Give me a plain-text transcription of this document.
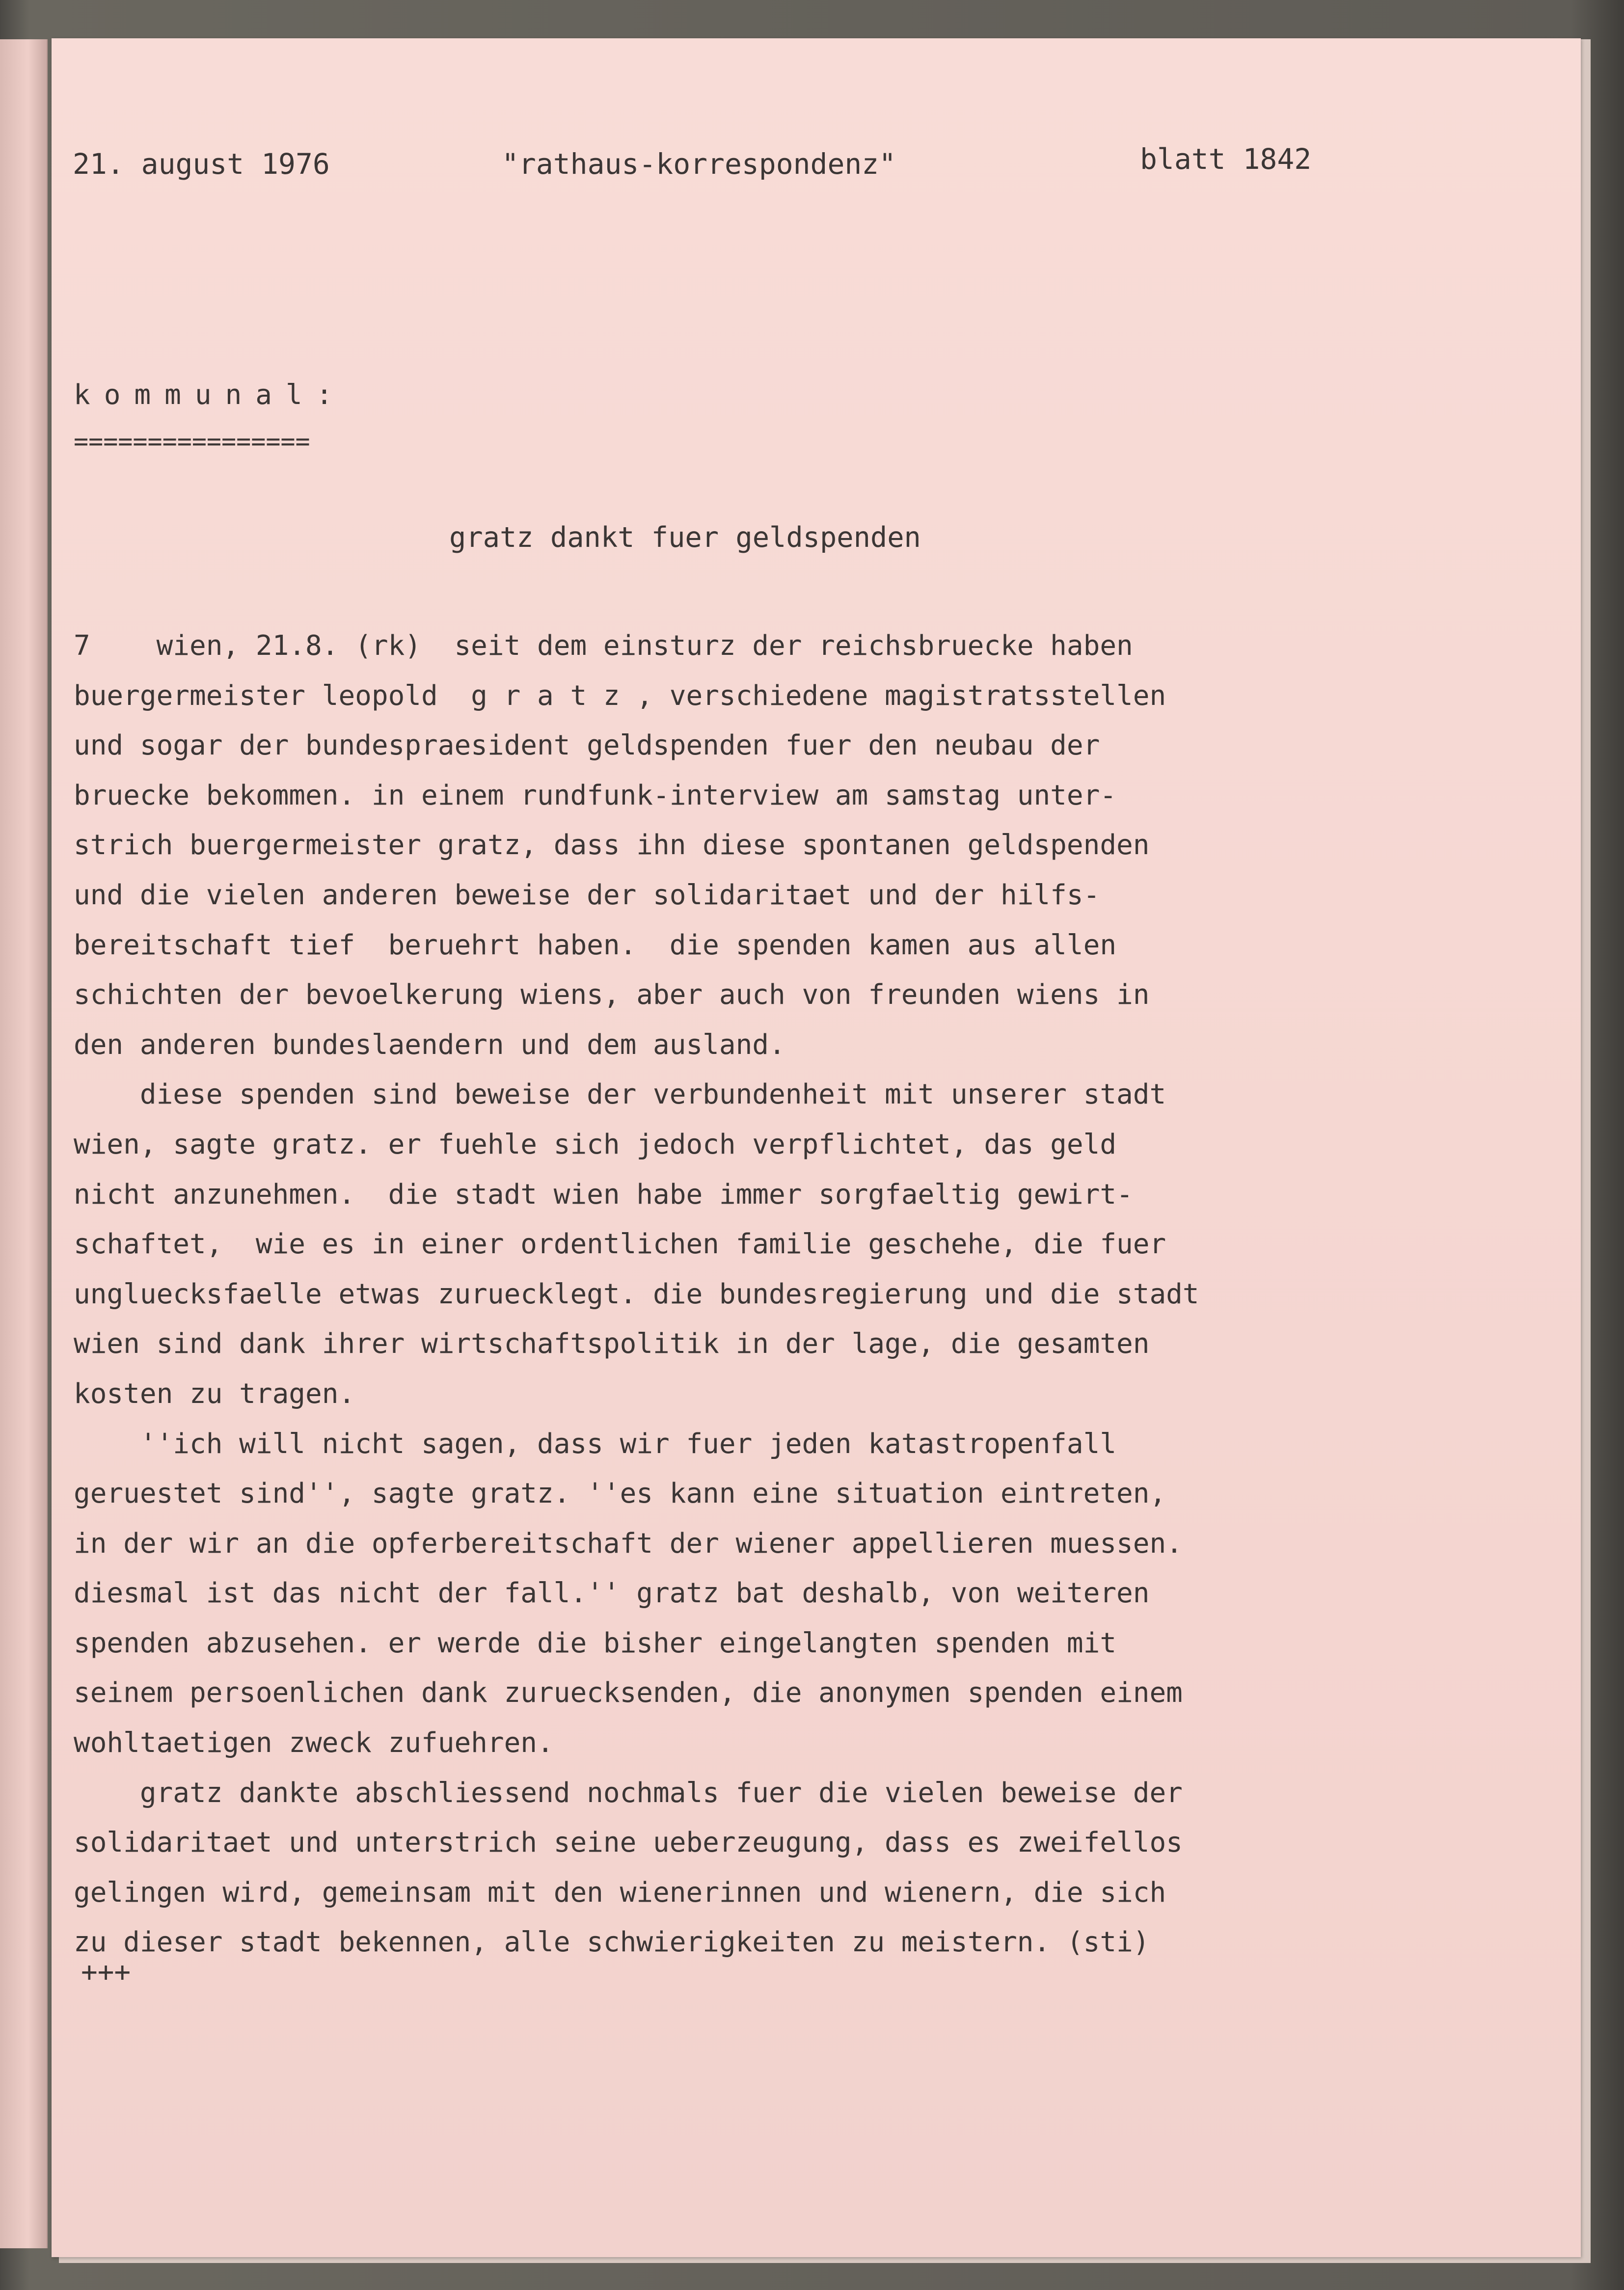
21. august 1976	"rathaus-korrespondenz"	blatt 1842
kommunal:
================
gratz dankt fuer geldspenden
7    wien, 21.8. (rk)  seit dem einsturz der reichsbruecke haben
buergermeister leopold  g r a t z , verschiedene magistratsstellen
und sogar der bundespraesident geldspenden fuer den neubau der
bruecke bekommen. in einem rundfunk-interview am samstag unter-
strich buergermeister gratz, dass ihn diese spontanen geldspenden
und die vielen anderen beweise der solidaritaet und der hilfs-
bereitschaft tief  beruehrt haben.  die spenden kamen aus allen
schichten der bevoelkerung wiens, aber auch von freunden wiens in
den anderen bundeslaendern und dem ausland.
diese spenden sind beweise der verbundenheit mit unserer stadt
wien, sagte gratz. er fuehle sich jedoch verpflichtet, das geld
nicht anzunehmen.  die stadt wien habe immer sorgfaeltig gewirt-
schaftet,  wie es in einer ordentlichen familie geschehe, die fuer
ungluecksfaelle etwas zuruecklegt. die bundesregierung und die stadt
wien sind dank ihrer wirtschaftspolitik in der lage, die gesamten
kosten zu tragen.
''ich will nicht sagen, dass wir fuer jeden katastropenfall
geruestet sind'', sagte gratz. ''es kann eine situation eintreten,
in der wir an die opferbereitschaft der wiener appellieren muessen.
diesmal ist das nicht der fall.'' gratz bat deshalb, von weiteren
spenden abzusehen. er werde die bisher eingelangten spenden mit
seinem persoenlichen dank zuruecksenden, die anonymen spenden einem
wohltaetigen zweck zufuehren.
gratz dankte abschliessend nochmals fuer die vielen beweise der
solidaritaet und unterstrich seine ueberzeugung, dass es zweifellos
gelingen wird, gemeinsam mit den wienerinnen und wienern, die sich
zu dieser stadt bekennen, alle schwierigkeiten zu meistern. (sti)
+++
